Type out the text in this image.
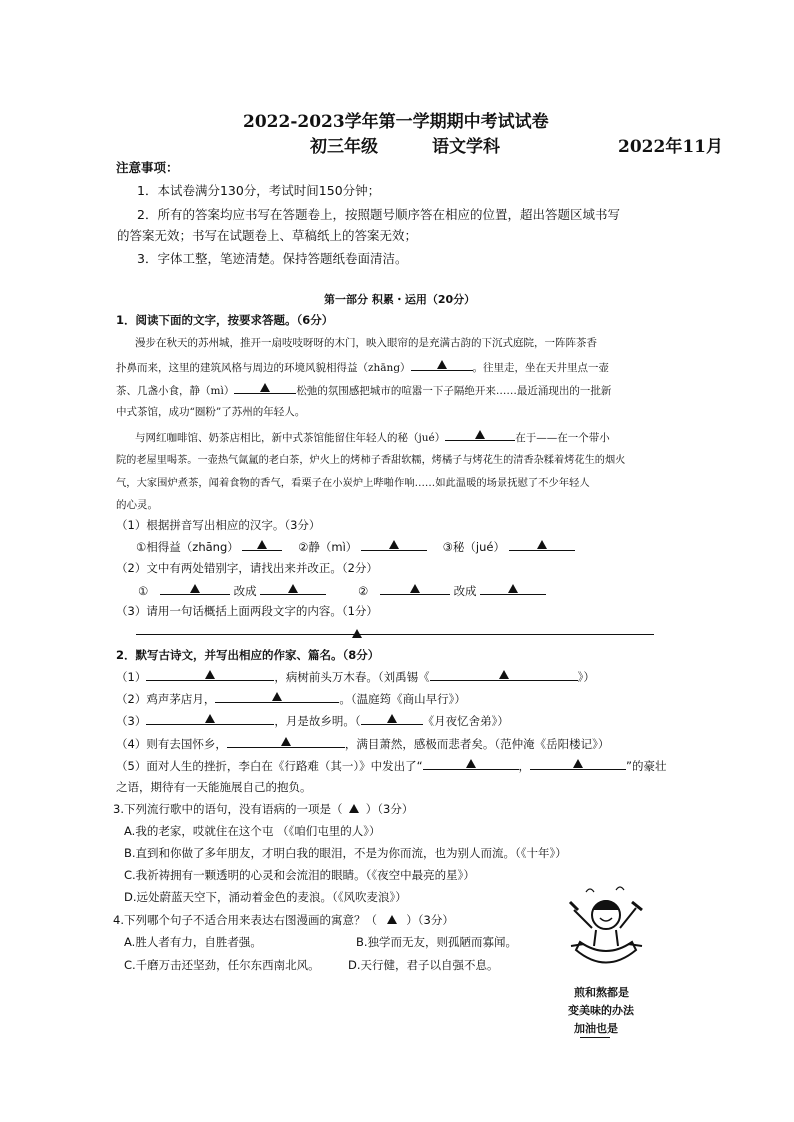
2022-2023学年第一学期期中考试试卷
初三年级	语文学科	2022年11月
注意事项：
1．本试卷满分130分，考试时间150分钟；
2．所有的答案均应书写在答题卷上，按照题号顺序答在相应的位置，超出答题区域书写
的答案无效；书写在试题卷上、草稿纸上的答案无效；
3．字体工整，笔迹清楚。保持答题纸卷面清洁。
第一部分 积累・运用（20分）
1．阅读下面的文字，按要求答题。（6分）
漫步在秋天的苏州城，推开一扇吱吱呀呀的木门，映入眼帘的是充满古韵的下沉式庭院，一阵阵茶香
扑鼻而来，这里的建筑风格与周边的环境风貌相得益（zhāng）	。往里走，坐在天井里点一壶
茶、几盏小食，静（mì）	松弛的氛围感把城市的喧嚣一下子隔绝开来……最近涌现出的一批新
中式茶馆，成功“圈粉”了苏州的年轻人。
与网红咖啡馆、奶茶店相比，新中式茶馆能留住年轻人的秘（jué）	在于——在一个带小
院的老屋里喝茶。一壶热气氤氲的老白茶，炉火上的烤柿子香甜软糯，烤橘子与烤花生的清香杂糅着烤花生的烟火
气，大家围炉煮茶，闻着食物的香气，看栗子在小炭炉上哔啪作响……如此温暖的场景抚慰了不少年轻人
的心灵。
（1）根据拼音写出相应的汉字。（3分）
①相得益（zhāng）	②静（mì）	③秘（jué）
（2）文中有两处错别字，请找出来并改正。（2分）
①	改成	②	改成
（3）请用一句话概括上面两段文字的内容。（1分）
2．默写古诗文，并写出相应的作家、篇名。（8分）
（1）	，病树前头万木春。（刘禹锡《	》）
（2）鸡声茅店月，	。（温庭筠《商山早行》）
（3）	，月是故乡明。（	《月夜忆舍弟》）
（4）则有去国怀乡，	，满目萧然，感极而悲者矣。（范仲淹《岳阳楼记》）
（5）面对人生的挫折，李白在《行路难（其一）》中发出了“	，	”的豪壮
之语，期待有一天能施展自己的抱负。
3.下列流行歌中的语句，没有语病的一项是（ ）（3分）
A.我的老家，哎就住在这个屯 （《咱们屯里的人》）
B.直到和你做了多年朋友，才明白我的眼泪，不是为你而流，也为别人而流。（《十年》）
C.我祈祷拥有一颗透明的心灵和会流泪的眼睛。（《夜空中最亮的星》）
D.远处蔚蓝天空下，涌动着金色的麦浪。（《风吹麦浪》）
4.下列哪个句子不适合用来表达右图漫画的寓意？（	）（3分）
A.胜人者有力，自胜者强。	B.独学而无友，则孤陋而寡闻。
C.千磨万击还坚劲，任尔东西南北风。 D.天行健，君子以自强不息。
煎和熬都是
变美味的办法
加油也是
